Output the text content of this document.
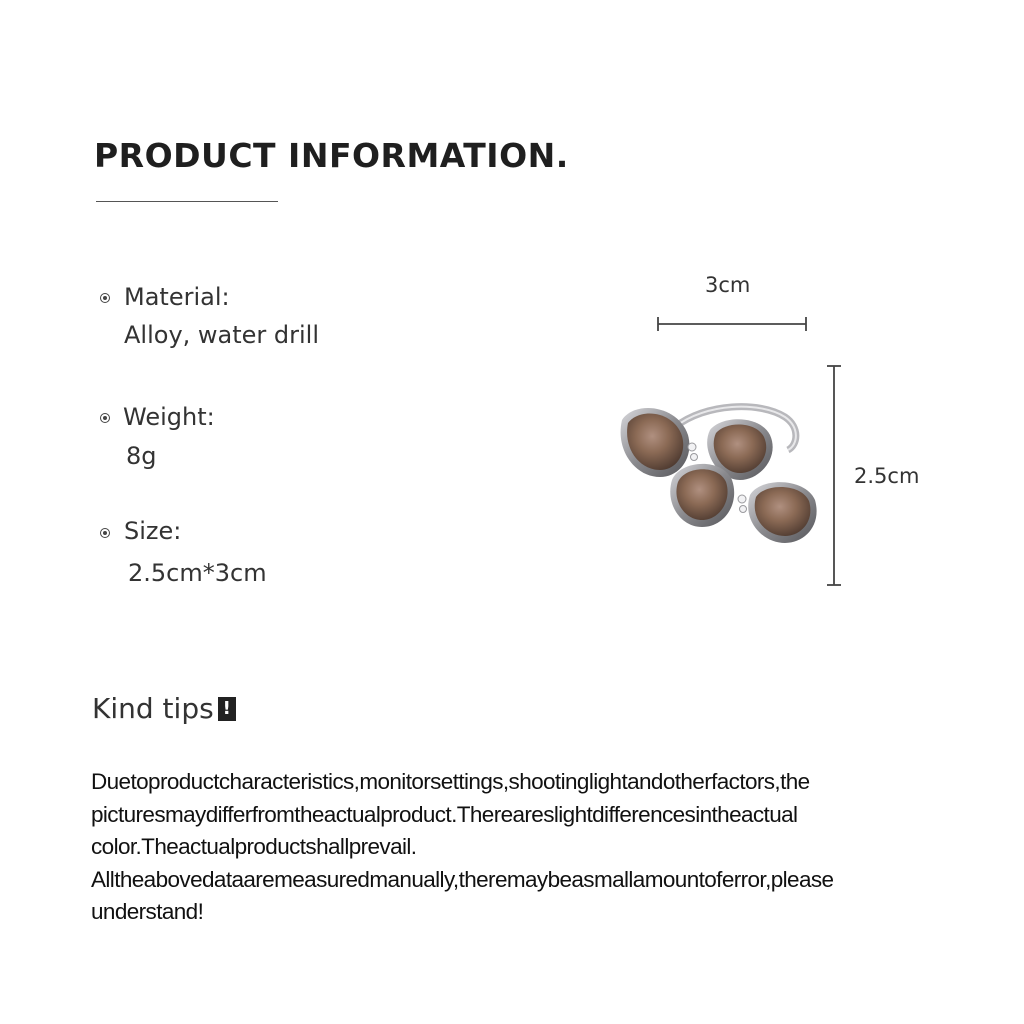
PRODUCT INFORMATION.
Material:
Alloy, water drill
Weight:
8g
Size:
2.5cm*3cm
3cm
2.5cm
Kind tips !
Duetoproductcharacteristics,monitorsettings,shootinglightandotherfactors,the
picturesmaydifferfromtheactualproduct.Thereareslightdifferencesintheactual
color.Theactualproductshallprevail.
Alltheabovedataaremeasuredmanually,theremaybeasmallamountoferror,please
understand!
